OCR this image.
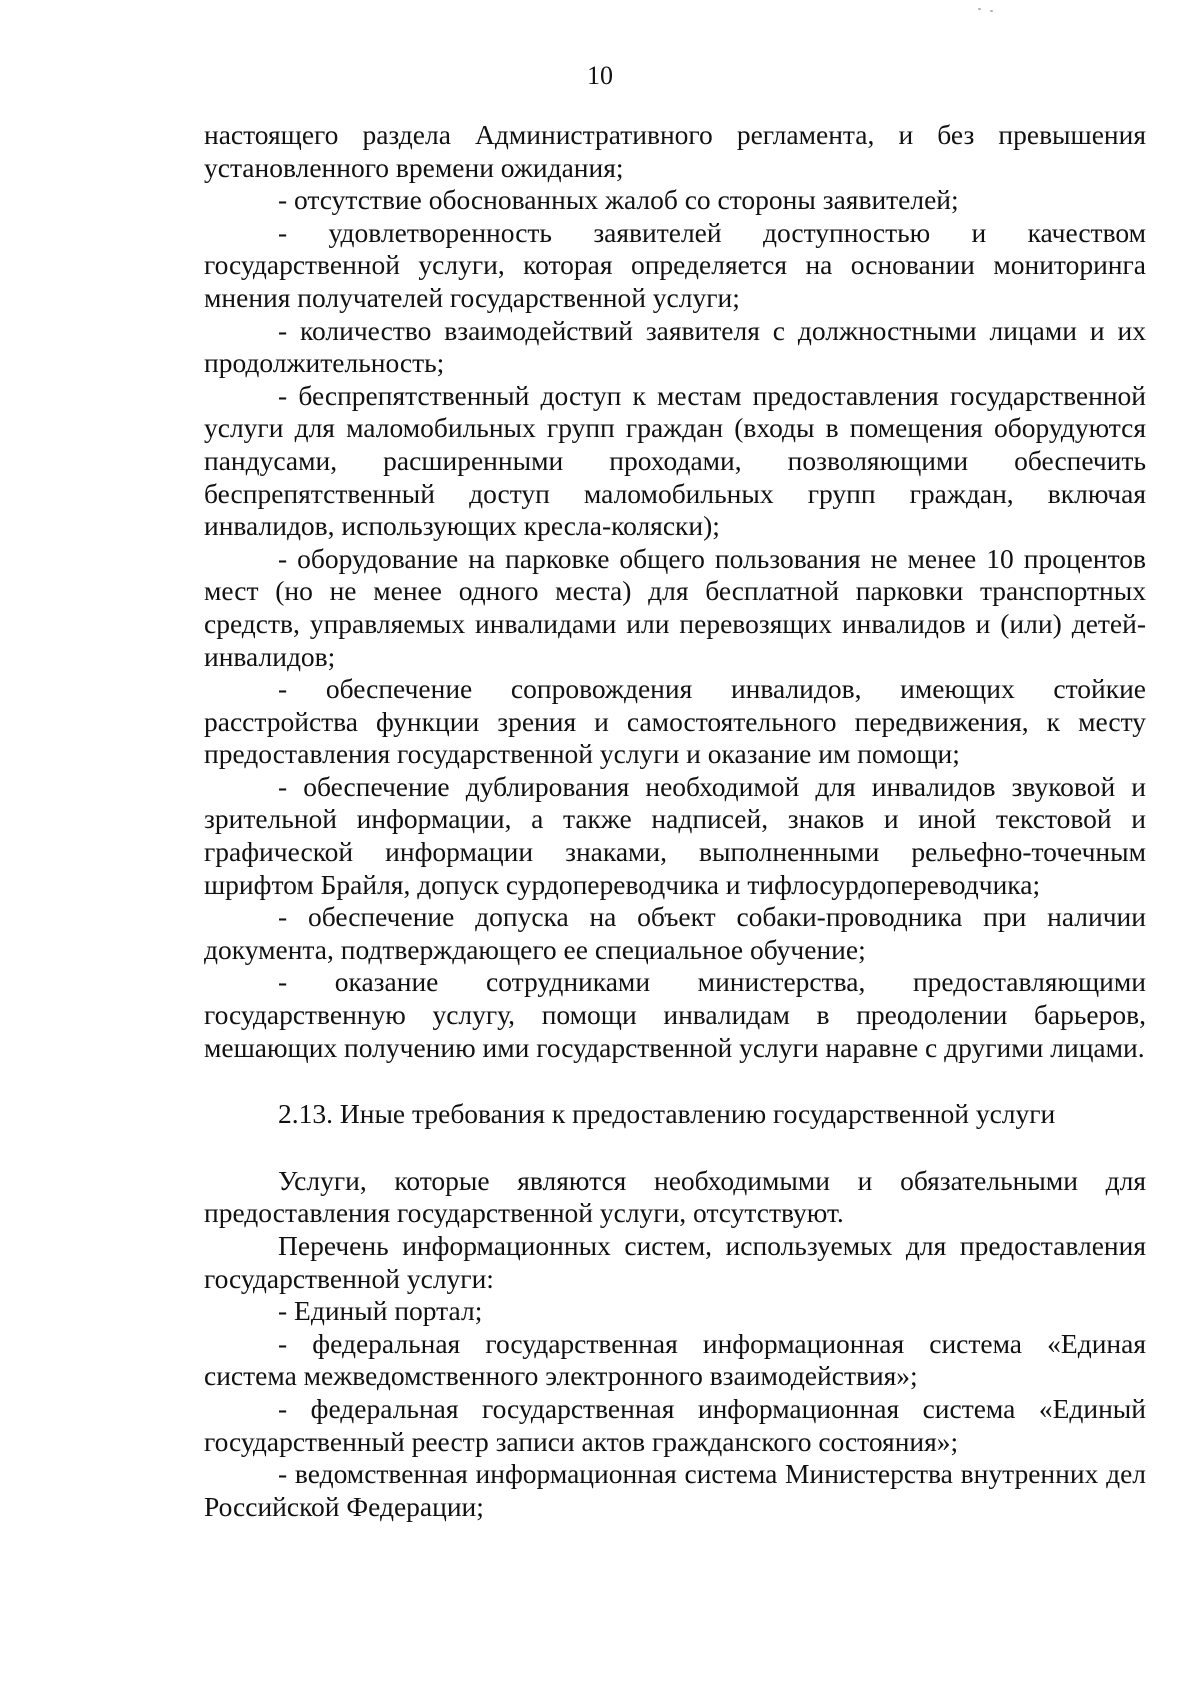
10

настоящего раздела Административного регламента, и без превышения установленного времени ожидания;

- отсутствие обоснованных жалоб со стороны заявителей;

- удовлетворенность заявителей доступностью и качеством государственной услуги, которая определяется на основании мониторинга мнения получателей государственной услуги;

- количество взаимодействий заявителя с должностными лицами и их продолжительность;

- беспрепятственный доступ к местам предоставления государственной услуги для маломобильных групп граждан (входы в помещения оборудуются пандусами, расширенными проходами, позволяющими обеспечить беспрепятственный доступ маломобильных групп граждан, включая инвалидов, использующих кресла-коляски);

- оборудование на парковке общего пользования не менее 10 процентов мест (но не менее одного места) для бесплатной парковки транспортных средств, управляемых инвалидами или перевозящих инвалидов и (или) детей-инвалидов;

- обеспечение сопровождения инвалидов, имеющих стойкие расстройства функции зрения и самостоятельного передвижения, к месту предоставления государственной услуги и оказание им помощи;

- обеспечение дублирования необходимой для инвалидов звуковой и зрительной информации, а также надписей, знаков и иной текстовой и графической информации знаками, выполненными рельефно-точечным шрифтом Брайля, допуск сурдопереводчика и тифлосурдопереводчика;

- обеспечение допуска на объект собаки-проводника при наличии документа, подтверждающего ее специальное обучение;

- оказание сотрудниками министерства, предоставляющими государственную услугу, помощи инвалидам в преодолении барьеров, мешающих получению ими государственной услуги наравне с другими лицами.

2.13. Иные требования к предоставлению государственной услуги

Услуги, которые являются необходимыми и обязательными для предоставления государственной услуги, отсутствуют.

Перечень информационных систем, используемых для предоставления государственной услуги:

- Единый портал;

- федеральная государственная информационная система «Единая система межведомственного электронного взаимодействия»;

- федеральная государственная информационная система «Единый государственный реестр записи актов гражданского состояния»;

- ведомственная информационная система Министерства внутренних дел Российской Федерации;
